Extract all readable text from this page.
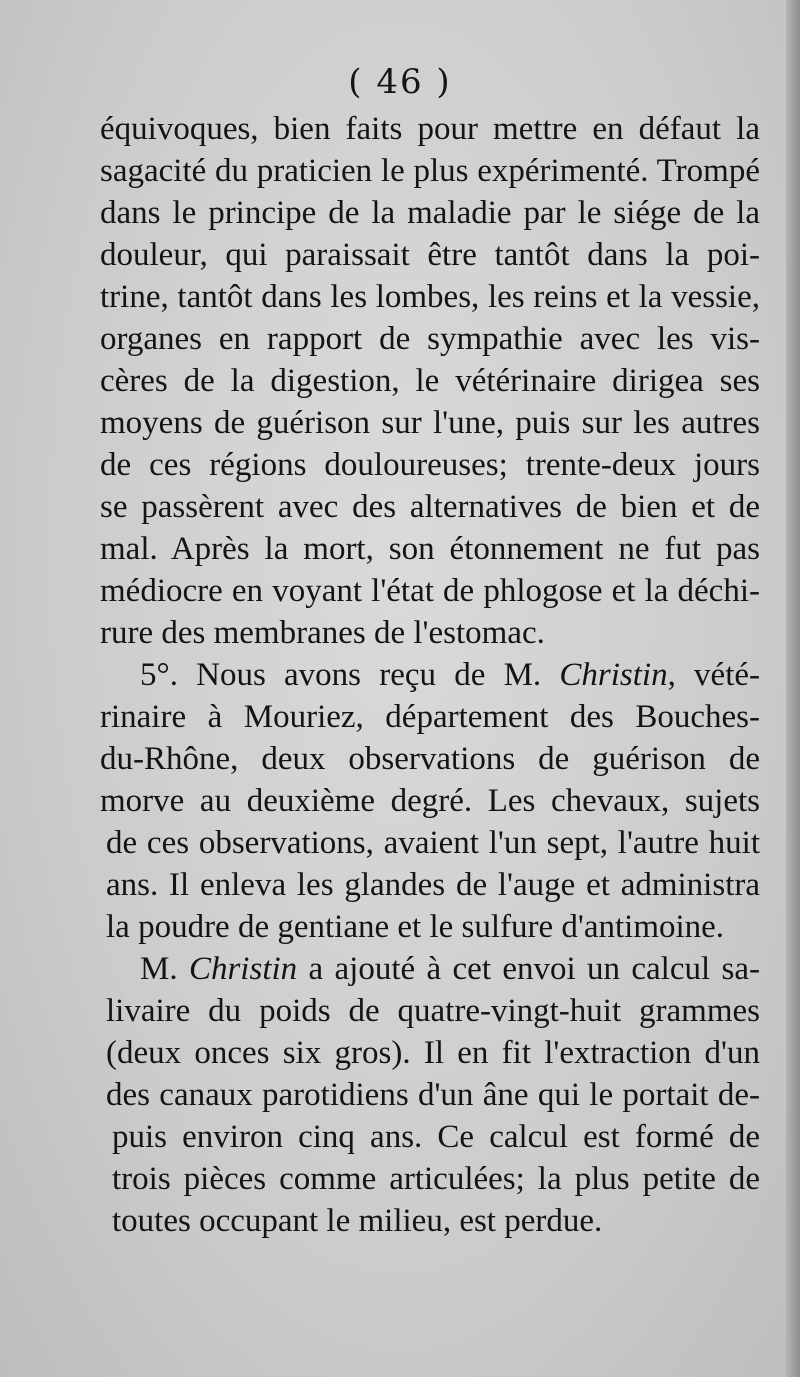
( 46 )
équivoques, bien faits pour mettre en défaut la
sagacité du praticien le plus expérimenté. Trompé
dans le principe de la maladie par le siége de la
douleur, qui paraissait être tantôt dans la poi-
trine, tantôt dans les lombes, les reins et la vessie,
organes en rapport de sympathie avec les vis-
cères de la digestion, le vétérinaire dirigea ses
moyens de guérison sur l'une, puis sur les autres
de ces régions douloureuses; trente-deux jours
se passèrent avec des alternatives de bien et de
mal. Après la mort, son étonnement ne fut pas
médiocre en voyant l'état de phlogose et la déchi-
rure des membranes de l'estomac.
5°. Nous avons reçu de M. Christin, vété-
rinaire à Mouriez, département des Bouches-
du-Rhône, deux observations de guérison de
morve au deuxième degré. Les chevaux, sujets
de ces observations, avaient l'un sept, l'autre huit
ans. Il enleva les glandes de l'auge et administra
la poudre de gentiane et le sulfure d'antimoine.
M. Christin a ajouté à cet envoi un calcul sa-
livaire du poids de quatre-vingt-huit grammes
(deux onces six gros). Il en fit l'extraction d'un
des canaux parotidiens d'un âne qui le portait de-
puis environ cinq ans. Ce calcul est formé de
trois pièces comme articulées; la plus petite de
toutes occupant le milieu, est perdue.
